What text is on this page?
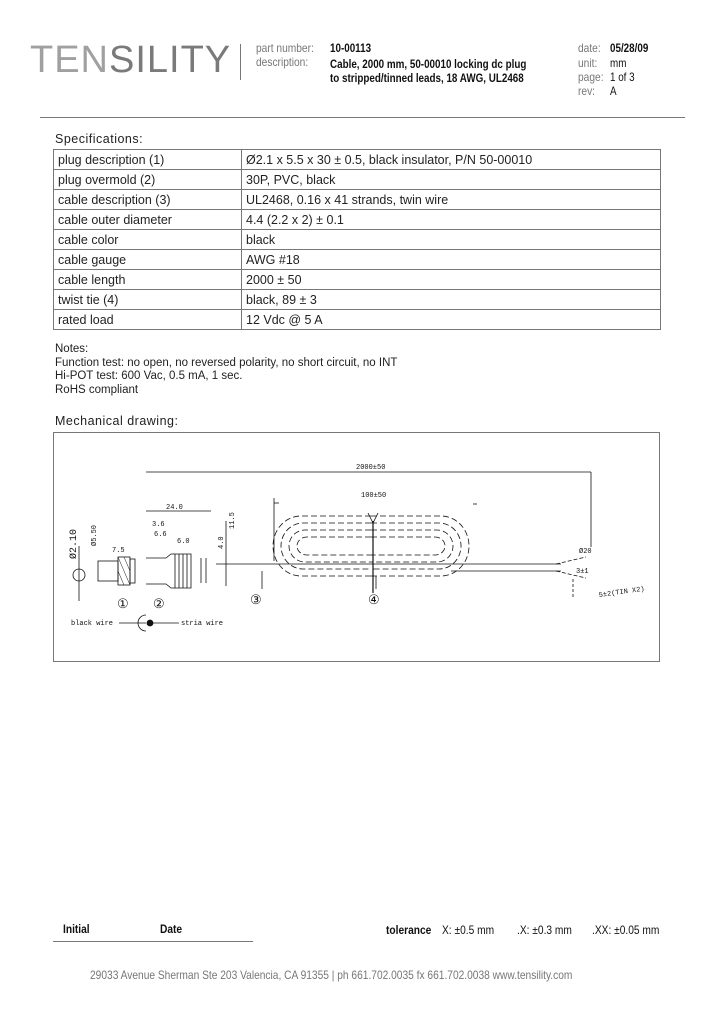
TENSILITY part number: 10-00113
description: Cable, 2000 mm, 50-00010 locking dc plug
to stripped/tinned leads, 18 AWG, UL2468
date: 05/28/09
unit: mm
page: 1 of 3
rev: A
Specifications:
plug description (1)	Ø2.1 x 5.5 x 30 ± 0.5, black insulator, P/N 50-00010
plug overmold (2)	30P, PVC, black
cable description (3)	UL2468, 0.16 x 41 strands, twin wire
cable outer diameter	4.4 (2.2 x 2) ± 0.1
cable color	black
cable gauge	AWG #18
cable length	2000 ± 50
twist tie (4)	black, 89 ± 3
rated load	12 Vdc @ 5 A
Notes:
Function test: no open, no reversed polarity, no short circuit, no INT
Hi-POT test: 600 Vac, 0.5 mA, 1 sec.
RoHS compliant
Mechanical drawing:
2000±50
100±50
24.0
3.6
6.6
6.0
11.5
4.0
Ø2.10 Ø5.50
7.5
5±2(TIN X2)
3±1
Ø20
① ②	③	④
black wire	stria wire
Initial	Date	tolerance X: ±0.5 mm .X: ±0.3 mm .XX: ±0.05 mm
29033 Avenue Sherman Ste 203 Valencia, CA 91355 | ph 661.702.0035 fx 661.702.0038 www.tensility.com
